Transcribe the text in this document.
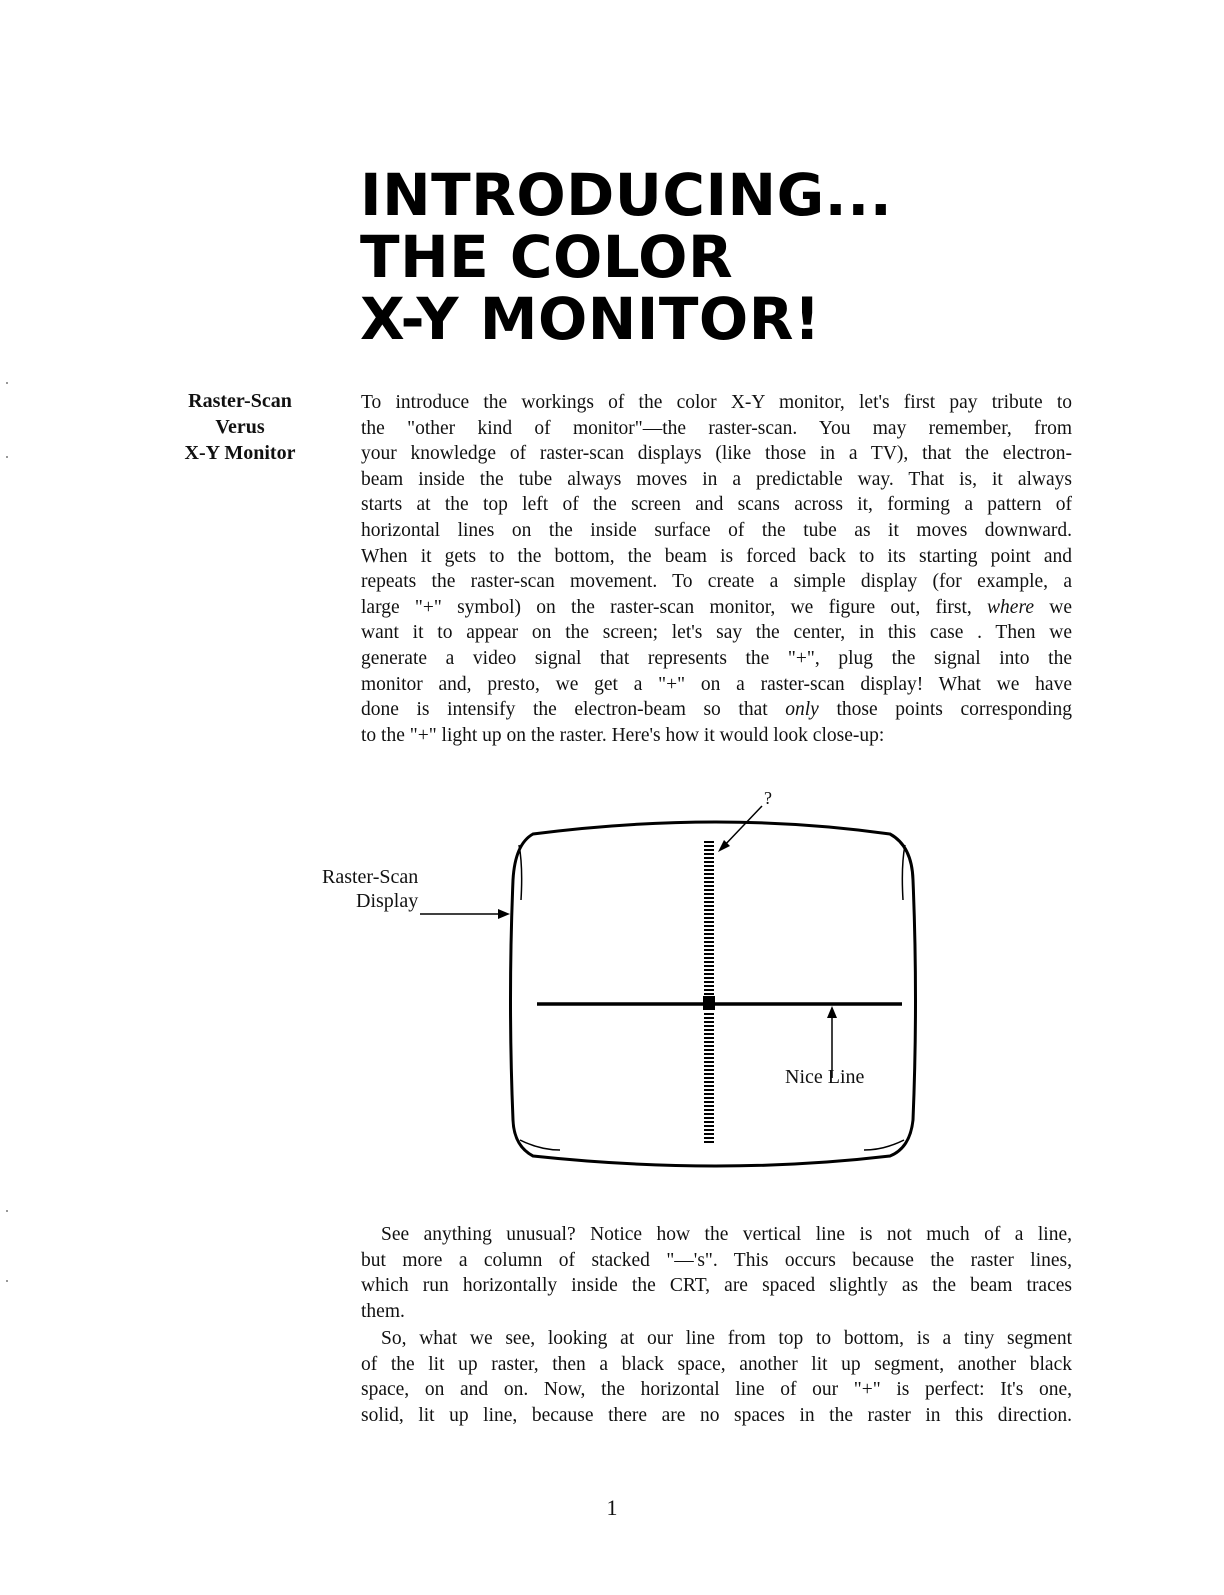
INTRODUCING...
THE COLOR
X-Y MONITOR!
Raster-Scan
Verus
X-Y Monitor
To introduce the workings of the color X-Y monitor, let's first pay tribute to
the "other kind of monitor"—the raster-scan. You may remember, from
your knowledge of raster-scan displays (like those in a TV), that the electron-
beam inside the tube always moves in a predictable way. That is, it always
starts at the top left of the screen and scans across it, forming a pattern of
horizontal lines on the inside surface of the tube as it moves downward.
When it gets to the bottom, the beam is forced back to its starting point and
repeats the raster-scan movement. To create a simple display (for example, a
large "+" symbol) on the raster-scan monitor, we figure out, first, where we
want it to appear on the screen; let's say the center, in this case . Then we
generate a video signal that represents the "+", plug the signal into the
monitor and, presto, we get a "+" on a raster-scan display! What we have
done is intensify the electron-beam so that only those points corresponding
to the "+" light up on the raster. Here's how it would look close-up:
?
Raster-Scan
Display
Nice Line
See anything unusual? Notice how the vertical line is not much of a line,
but more a column of stacked "—'s". This occurs because the raster lines,
which run horizontally inside the CRT, are spaced slightly as the beam traces
them.
So, what we see, looking at our line from top to bottom, is a tiny segment
of the lit up raster, then a black space, another lit up segment, another black
space, on and on. Now, the horizontal line of our "+" is perfect: It's one,
solid, lit up line, because there are no spaces in the raster in this direction.
1
